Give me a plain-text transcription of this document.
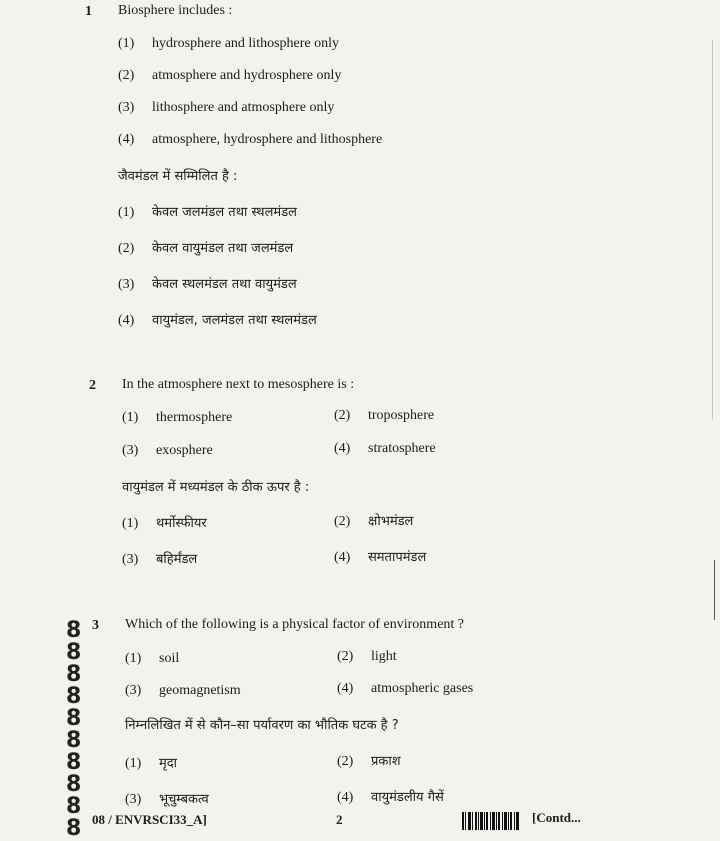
1 Biosphere includes :
(1) hydrosphere and lithosphere only
(2) atmosphere and hydrosphere only
(3) lithosphere and atmosphere only
(4) atmosphere, hydrosphere and lithosphere
जैवमंडल में सम्मिलित है :
(1) केवल जलमंडल तथा स्थलमंडल
(2) केवल वायुमंडल तथा जलमंडल
(3) केवल स्थलमंडल तथा वायुमंडल
(4) वायुमंडल, जलमंडल तथा स्थलमंडल
2 In the atmosphere next to mesosphere is :
(1) thermosphere	(2) troposphere
(3) exosphere	(4) stratosphere
वायुमंडल में मध्यमंडल के ठीक ऊपर है :
(1) थर्मोस्फीयर	(2) क्षोभमंडल
(3) बहिर्मंडल	(4) समतापमंडल
3 Which of the following is a physical factor of environment ?
(1) soil	(2) light
(3) geomagnetism	(4) atmospheric gases
निम्नलिखित में से कौन–सा पर्यावरण का भौतिक घटक है ?
(1) मृदा	(2) प्रकाश
(3) भूचुम्बकत्व	(4) वायुमंडलीय गैसें
8888888888 08 / ENVRSCI33_A]	2	[Contd...
